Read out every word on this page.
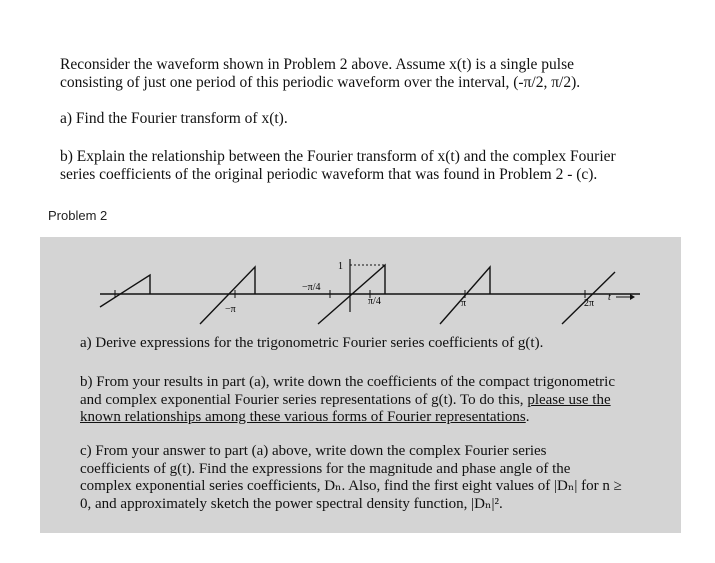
Reconsider the waveform shown in Problem 2 above. Assume x(t) is a single pulse
consisting of just one period of this periodic waveform over the interval, (-π/2, π/2).
a) Find the Fourier transform of x(t).
b) Explain the relationship between the Fourier transform of x(t) and the complex Fourier
series coefficients of the original periodic waveform that was found in Problem 2 - (c).
Problem 2
1
−π/4
π/4
−π
π	2π
t
a) Derive expressions for the trigonometric Fourier series coefficients of g(t).
b) From your results in part (a), write down the coefficients of the compact trigonometric
and complex exponential Fourier series representations of g(t). To do this, please use the
known relationships among these various forms of Fourier representations.
c) From your answer to part (a) above, write down the complex Fourier series
coefficients of g(t). Find the expressions for the magnitude and phase angle of the
complex exponential series coefficients, Dₙ. Also, find the first eight values of |Dₙ| for n ≥
0, and approximately sketch the power spectral density function, |Dₙ|².
